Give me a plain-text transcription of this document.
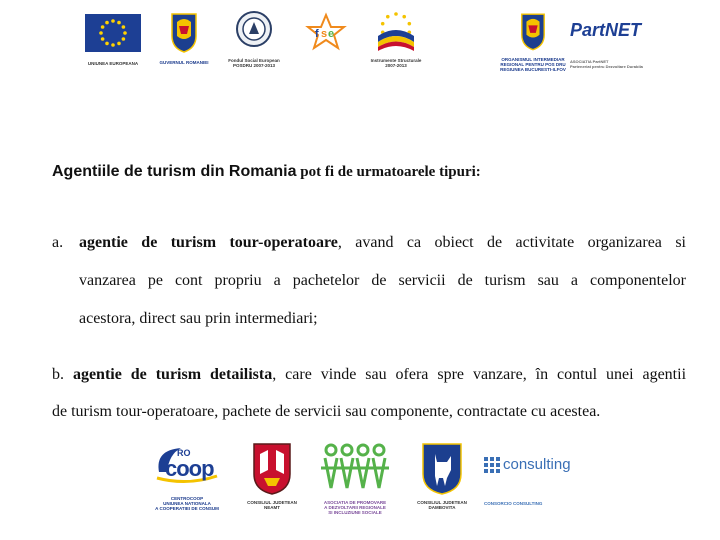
UNIUNEA EUROPEANA	GUVERNUL ROMANIEI	Fondul Social European
POSDRU 2007-2013
f s e
Instrumente Structurale
2007-2013
ORGANISMUL INTERMEDIAR
REGIONAL PENTRU POS DRU
REGIUNEA BUCURESTI-ILFOV
PartNET
ASOCIATIA PartNET
Parteneriat pentru Dezvoltare Durabila
Agentiile de turism din Romania pot fi de urmatoarele tipuri:
a. agentie de turism tour-operatoare, avand ca obiect de activitate organizarea si
vanzarea pe cont propriu a pachetelor de servicii de turism sau a componentelor
acestora, direct sau prin intermediari;
b. agentie de turism detailista, care vinde sau ofera spre vanzare, în contul unei agentii
de turism tour-operatoare, pachete de servicii sau componente, contractate cu acestea.
RO
coop
CENTROCOOP
UNIUNEA NATIONALA
A COOPERATIEI DE CONSUM
CONSILIUL JUDETEAN
NEAMT
ASOCIATIA DE PROMOVARE
A DEZVOLTARII REGIONALE
SI INCLUZIUNII SOCIALE
CONSILIUL JUDETEAN
DAMBOVITA
consulting
CONSORCIO CONSULTING
